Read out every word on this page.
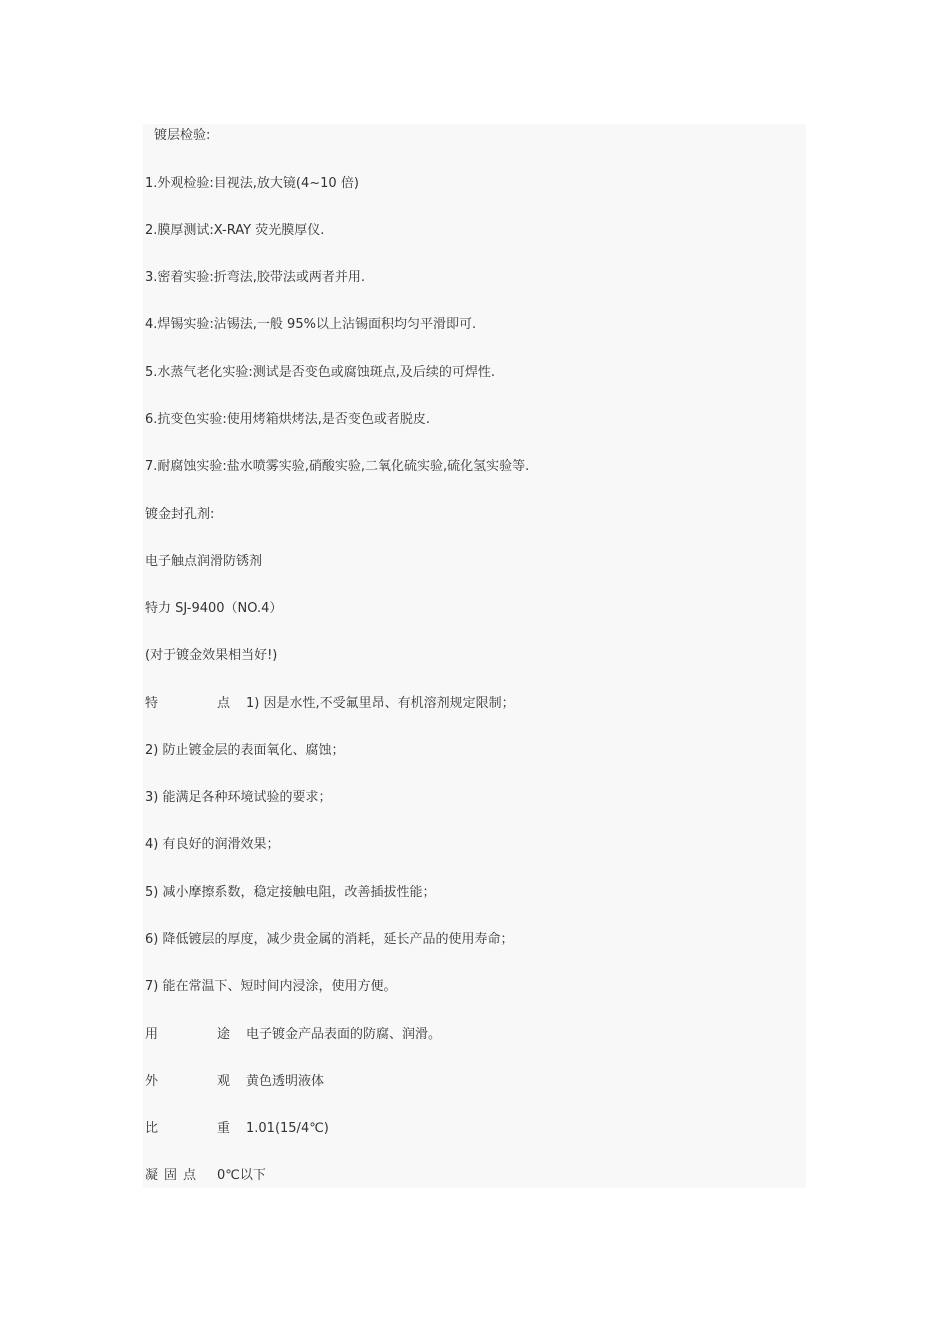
镀层检验:
1.外观检验:目视法,放大镜(4~10 倍)
2.膜厚测试:X-RAY 荧光膜厚仪.
3.密着实验:折弯法,胶带法或两者并用.
4.焊锡实验:沾锡法,一般 95%以上沾锡面积均匀平滑即可.
5.水蒸气老化实验:测试是否变色或腐蚀斑点,及后续的可焊性.
6.抗变色实验:使用烤箱烘烤法,是否变色或者脱皮.
7.耐腐蚀实验:盐水喷雾实验,硝酸实验,二氧化硫实验,硫化氢实验等.
镀金封孔剂:
电子触点润滑防锈剂
特力 SJ-9400（NO.4）
(对于镀金效果相当好!)
特	点	1) 因是水性,不受氟里昂、有机溶剂规定限制；
2) 防止镀金层的表面氧化、腐蚀；
3) 能满足各种环境试验的要求；
4) 有良好的润滑效果；
5) 减小摩擦系数，稳定接触电阻，改善插拔性能；
6) 降低镀层的厚度，减少贵金属的消耗，延长产品的使用寿命；
7) 能在常温下、短时间内浸涂，使用方便。
用	途	电子镀金产品表面的防腐、润滑。
外	观	黄色透明液体
比	重	1.01(15/4℃)
凝固点	0℃以下
